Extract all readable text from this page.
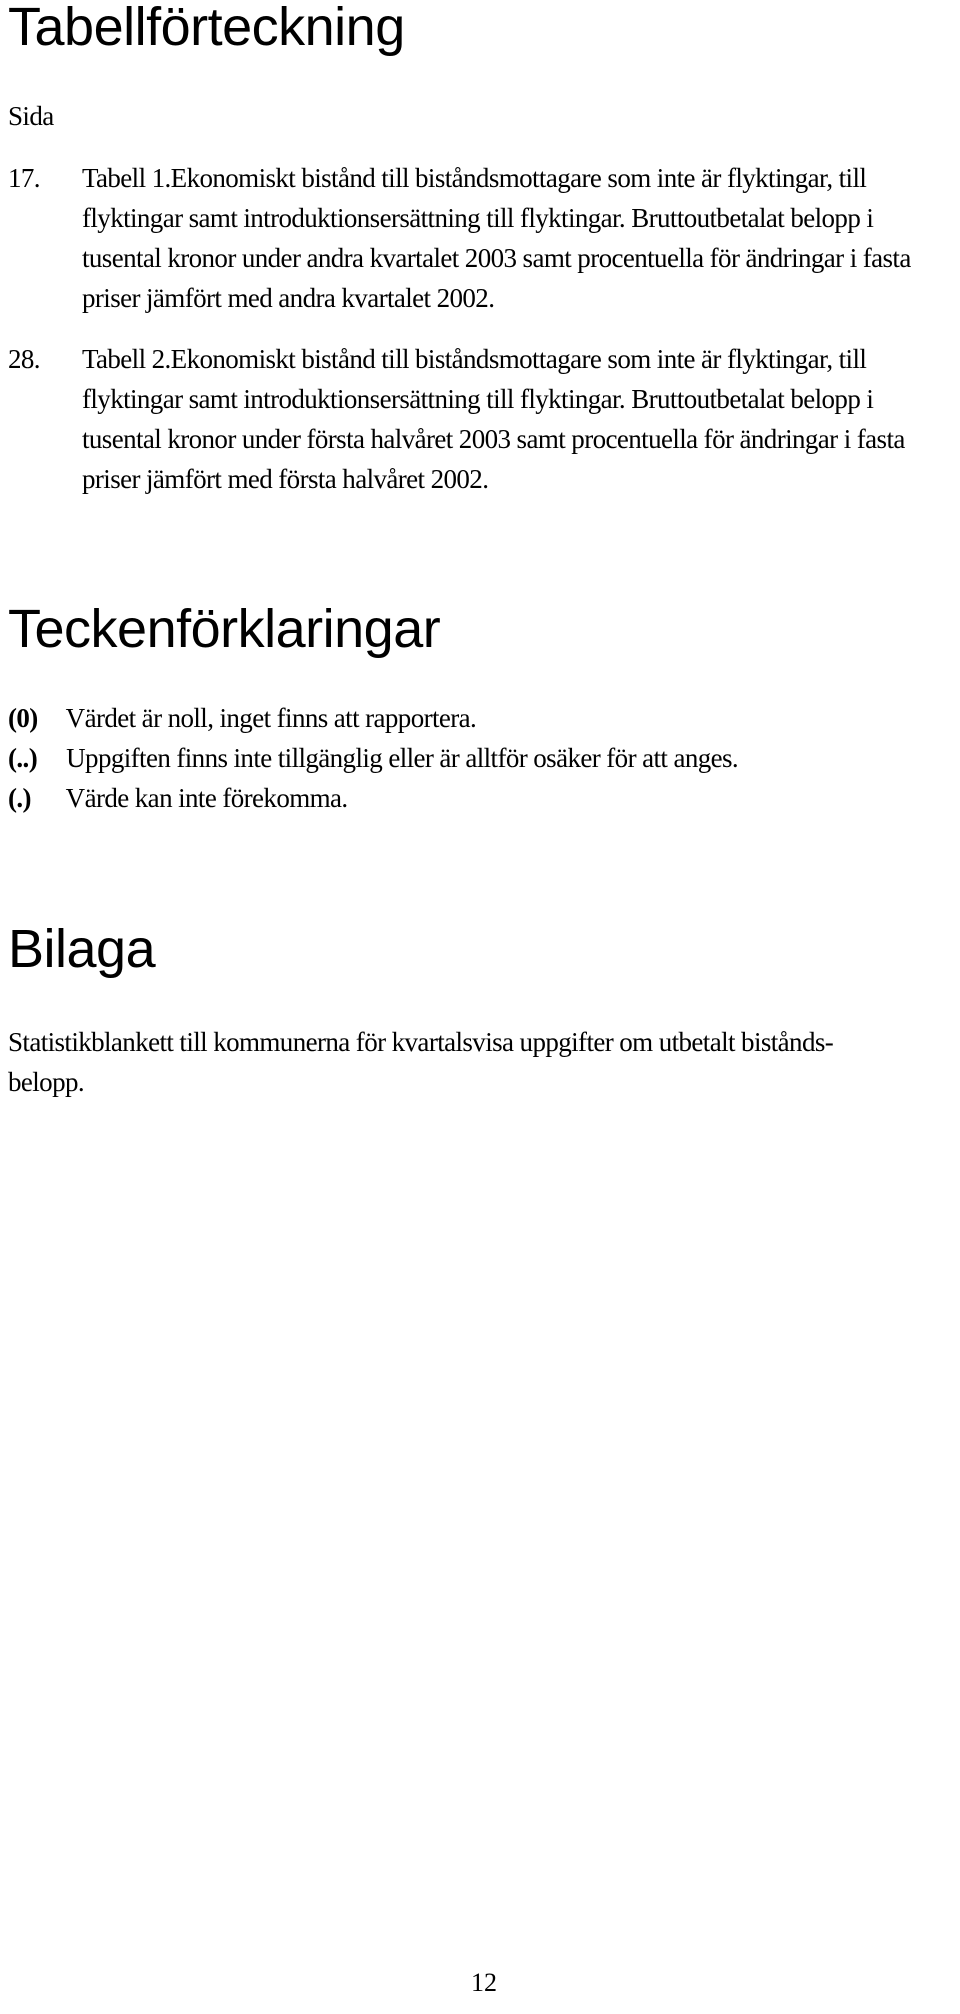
Tabellförteckning
Sida
17. Tabell 1.Ekonomiskt bistånd till biståndsmottagare som inte är flyktingar, till flyktingar samt introduktionsersättning till flyktingar. Bruttoutbetalat belopp i tusental kronor under andra kvartalet 2003 samt procentuella för ändringar i fasta priser jämfört med andra kvartalet 2002.
28. Tabell 2.Ekonomiskt bistånd till biståndsmottagare som inte är flyktingar, till flyktingar samt introduktionsersättning till flyktingar. Bruttoutbetalat belopp i tusental kronor under första halvåret 2003 samt procentuella för ändringar i fasta priser jämfört med första halvåret 2002.
Teckenförklaringar
(0) Värdet är noll, inget finns att rapportera.
(..) Uppgiften finns inte tillgänglig eller är alltför osäker för att anges.
(.) Värde kan inte förekomma.
Bilaga
Statistikblankett till kommunerna för kvartalsvisa uppgifter om utbetalt bistånds-
belopp.
12
